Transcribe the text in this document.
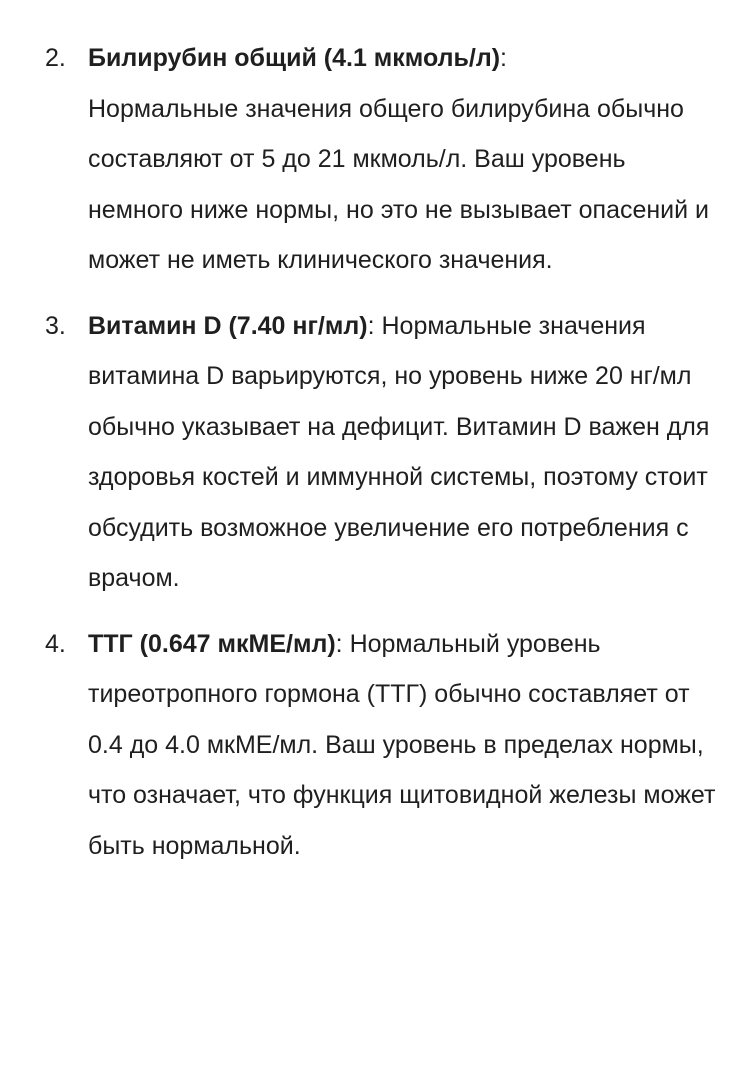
2. Билирубин общий (4.1 мкмоль/л):
Нормальные значения общего билирубина обычно составляют от 5 до 21 мкмоль/л. Ваш уровень немного ниже нормы, но это не вызывает опасений и может не иметь клинического значения.
3. Витамин D (7.40 нг/мл): Нормальные значения витамина D варьируются, но уровень ниже 20 нг/мл обычно указывает на дефицит. Витамин D важен для здоровья костей и иммунной системы, поэтому стоит обсудить возможное увеличение его потребления с врачом.
4. ТТГ (0.647 мкМЕ/мл): Нормальный уровень тиреотропного гормона (ТТГ) обычно составляет от 0.4 до 4.0 мкМЕ/мл. Ваш уровень в пределах нормы, что означает, что функция щитовидной железы может быть нормальной.
